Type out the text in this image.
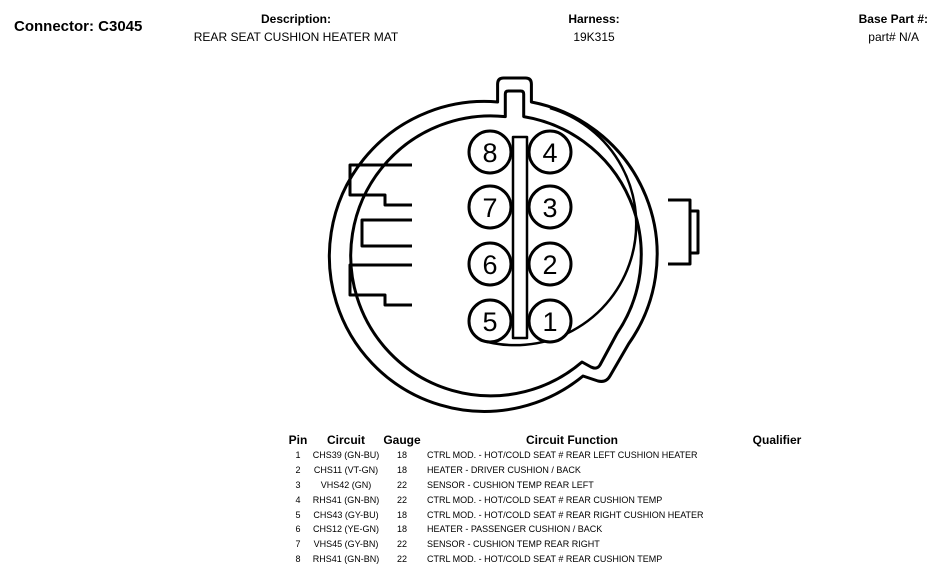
Connector: C3045	Description:
REAR SEAT CUSHION HEATER MAT
Harness:
19K315
Base Part #:
part# N/A
8 4
7 3
6 2
5 1
Pin	Circuit	Gauge	Circuit Function	Qualifier
1	CHS39 (GN-BU)	18	CTRL MOD. - HOT/COLD SEAT # REAR LEFT CUSHION HEATER	
2	CHS11 (VT-GN)	18	HEATER - DRIVER CUSHION / BACK	
3	VHS42 (GN)	22	SENSOR - CUSHION TEMP REAR LEFT	
4	RHS41 (GN-BN)	22	CTRL MOD. - HOT/COLD SEAT # REAR CUSHION TEMP	
5	CHS43 (GY-BU)	18	CTRL MOD. - HOT/COLD SEAT # REAR RIGHT CUSHION HEATER	
6	CHS12 (YE-GN)	18	HEATER - PASSENGER CUSHION / BACK	
7	VHS45 (GY-BN)	22	SENSOR - CUSHION TEMP REAR RIGHT	
8	RHS41 (GN-BN)	22	CTRL MOD. - HOT/COLD SEAT # REAR CUSHION TEMP	
